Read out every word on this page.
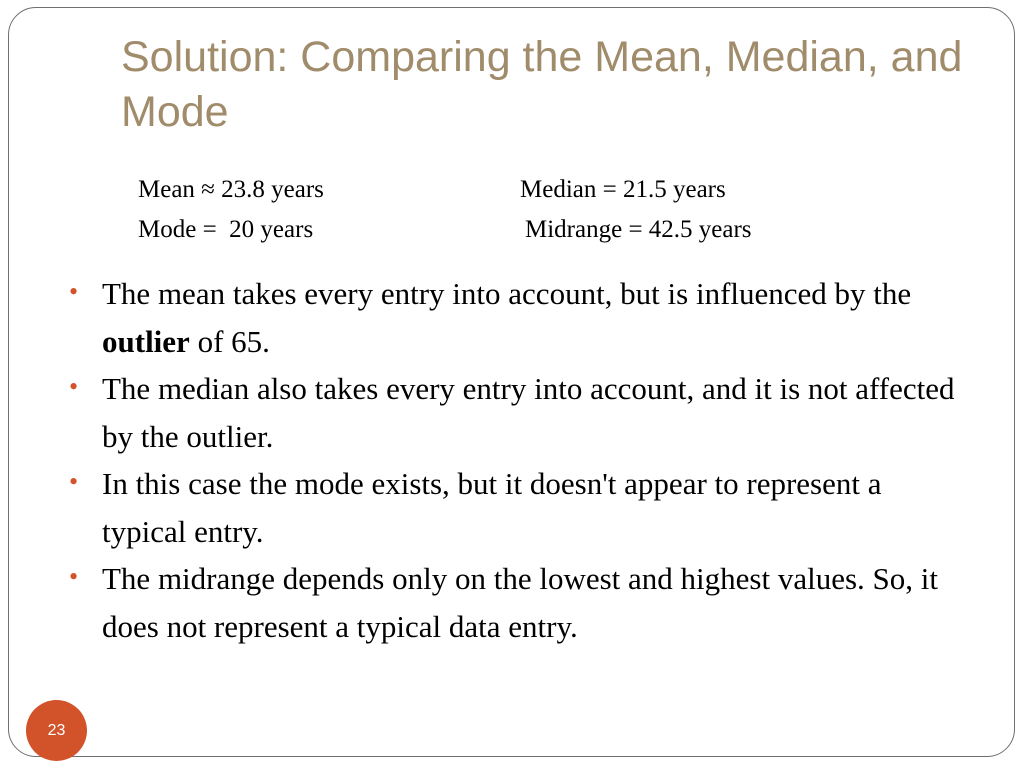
Solution: Comparing the Mean, Median, and Mode

Mean ≈ 23.8 years

	Median = 21.5 years

Mode =  20 years

	Midrange = 42.5 years

• The mean takes every entry into account, but is influenced by the outlier of 65.
• The median also takes every entry into account, and it is not affected by the outlier.
• In this case the mode exists, but it doesn't appear to represent a typical entry.
• The midrange depends only on the lowest and highest values. So, it does not represent a typical data entry.
23
